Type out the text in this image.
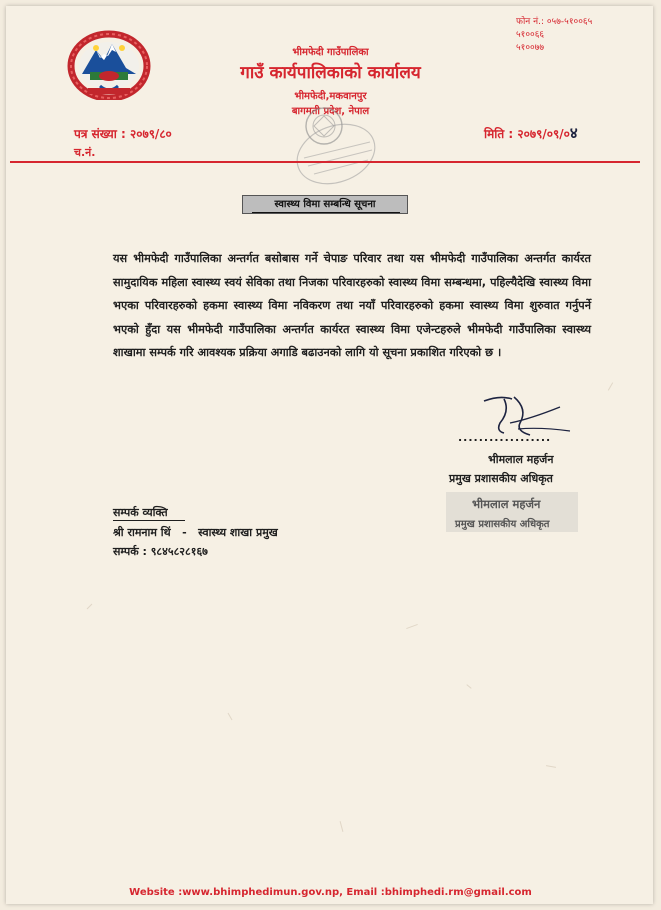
भीमफेदी गाउँपालिका
गाउँ कार्यपालिकाको कार्यालय
भीमफेदी,मकवानपुर
बागमती प्रदेश, नेपाल
फोन नं.: ०५७-५१००६५
५१००६६
५१००७७
पत्र संख्या : २०७९/८०
च.नं.
मिति : २०७९/०९/०४
स्वास्थ्य विमा सम्बन्धि सूचना
यस भीमफेदी गाउँपालिका अन्तर्गत बसोबास गर्ने चेपाङ परिवार तथा यस भीमफेदी गाउँपालिका अन्तर्गत कार्यरत सामुदायिक महिला स्वास्थ्य स्वयं सेविका तथा निजका परिवारहरुको स्वास्थ्य विमा सम्बन्धमा, पहिल्यैदेखि स्वास्थ्य विमा भएका परिवारहरुको हकमा स्वास्थ्य विमा नविकरण तथा नयाँ परिवारहरुको हकमा स्वास्थ्य विमा शुरुवात गर्नुपर्ने भएको हुँदा यस भीमफेदी गाउँपालिका अन्तर्गत कार्यरत स्वास्थ्य विमा एजेन्टहरुले भीमफेदी गाउँपालिका स्वास्थ्य शाखामा सम्पर्क गरि आवश्यक प्रक्रिया अगाडि बढाउनको लागि यो सूचना प्रकाशित गरिएको छ ।
..................
भीमलाल महर्जन
प्रमुख प्रशासकीय अधिकृत
भीमलाल महर्जन
प्रमुख प्रशासकीय अधिकृत
सम्पर्क व्यक्ति
श्री रामनाम थिं   -   स्वास्थ्य शाखा प्रमुख
सम्पर्क : ९८४५८२८१६७
Website :www.bhimphedimun.gov.np, Email :bhimphedi.rm@gmail.com
